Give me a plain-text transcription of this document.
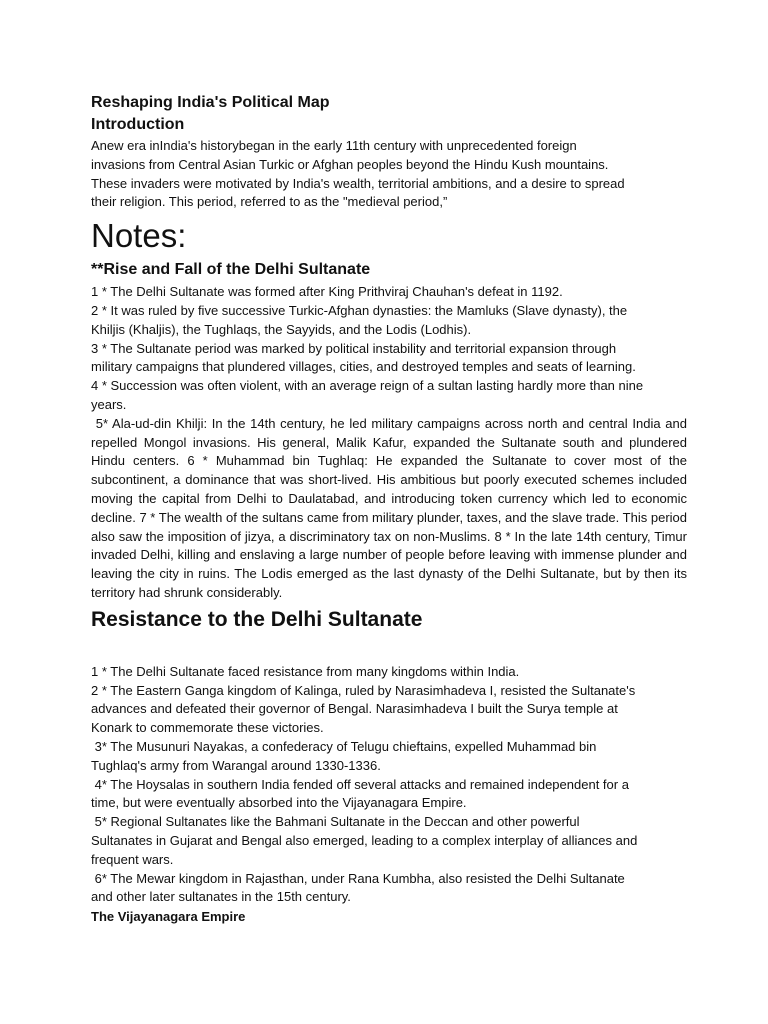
Reshaping India's Political Map
Introduction

Anew era inIndia's historybegan in the early 11th century with unprecedented foreign

invasions from Central Asian Turkic or Afghan peoples beyond the Hindu Kush mountains.

These invaders were motivated by India's wealth, territorial ambitions, and a desire to spread

their religion. This period, referred to as the "medieval period,”

Notes:
**Rise and Fall of the Delhi Sultanate

1 * The Delhi Sultanate was formed after King Prithviraj Chauhan's defeat in 1192.

2 * It was ruled by five successive Turkic-Afghan dynasties: the Mamluks (Slave dynasty), the

Khiljis (Khaljis), the Tughlaqs, the Sayyids, and the Lodis (Lodhis).

3 * The Sultanate period was marked by political instability and territorial expansion through

military campaigns that plundered villages, cities, and destroyed temples and seats of learning.

4 * Succession was often violent, with an average reign of a sultan lasting hardly more than nine

years.

5* Ala-ud-din Khilji: In the 14th century, he led military campaigns across north and central India and repelled Mongol invasions. His general, Malik Kafur, expanded the Sultanate south and plundered Hindu centers. 6 * Muhammad bin Tughlaq: He expanded the Sultanate to cover most of the subcontinent, a dominance that was short-lived. His ambitious but poorly executed schemes included moving the capital from Delhi to Daulatabad, and introducing token currency which led to economic decline. 7 * The wealth of the sultans came from military plunder, taxes, and the slave trade. This period also saw the imposition of jizya, a discriminatory tax on non-Muslims. 8 * In the late 14th century, Timur invaded Delhi, killing and enslaving a large number of people before leaving with immense plunder and leaving the city in ruins. The Lodis emerged as the last dynasty of the Delhi Sultanate, but by then its territory had shrunk considerably.

Resistance to the Delhi Sultanate

1 * The Delhi Sultanate faced resistance from many kingdoms within India.

2 * The Eastern Ganga kingdom of Kalinga, ruled by Narasimhadeva I, resisted the Sultanate's

advances and defeated their governor of Bengal. Narasimhadeva I built the Surya temple at

Konark to commemorate these victories.

3* The Musunuri Nayakas, a confederacy of Telugu chieftains, expelled Muhammad bin

Tughlaq's army from Warangal around 1330-1336.

4* The Hoysalas in southern India fended off several attacks and remained independent for a

time, but were eventually absorbed into the Vijayanagara Empire.

5* Regional Sultanates like the Bahmani Sultanate in the Deccan and other powerful

Sultanates in Gujarat and Bengal also emerged, leading to a complex interplay of alliances and

frequent wars.

6* The Mewar kingdom in Rajasthan, under Rana Kumbha, also resisted the Delhi Sultanate

and other later sultanates in the 15th century.

The Vijayanagara Empire
